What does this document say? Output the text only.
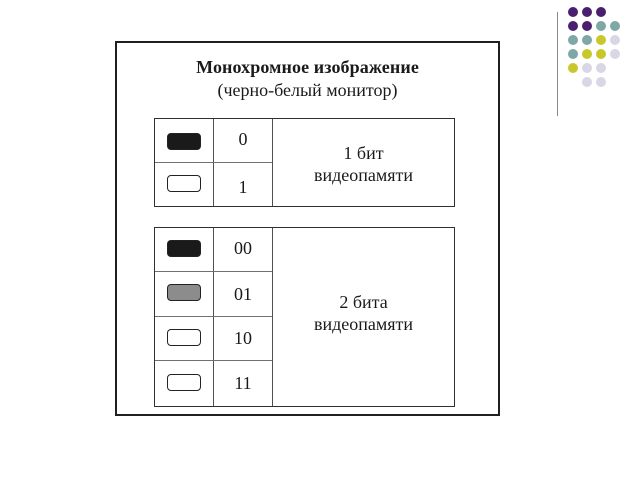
Монохромное изображение
(черно-белый монитор)
0
1
1 бит
видеопамяти
00
01
10
11
2 бита
видеопамяти
